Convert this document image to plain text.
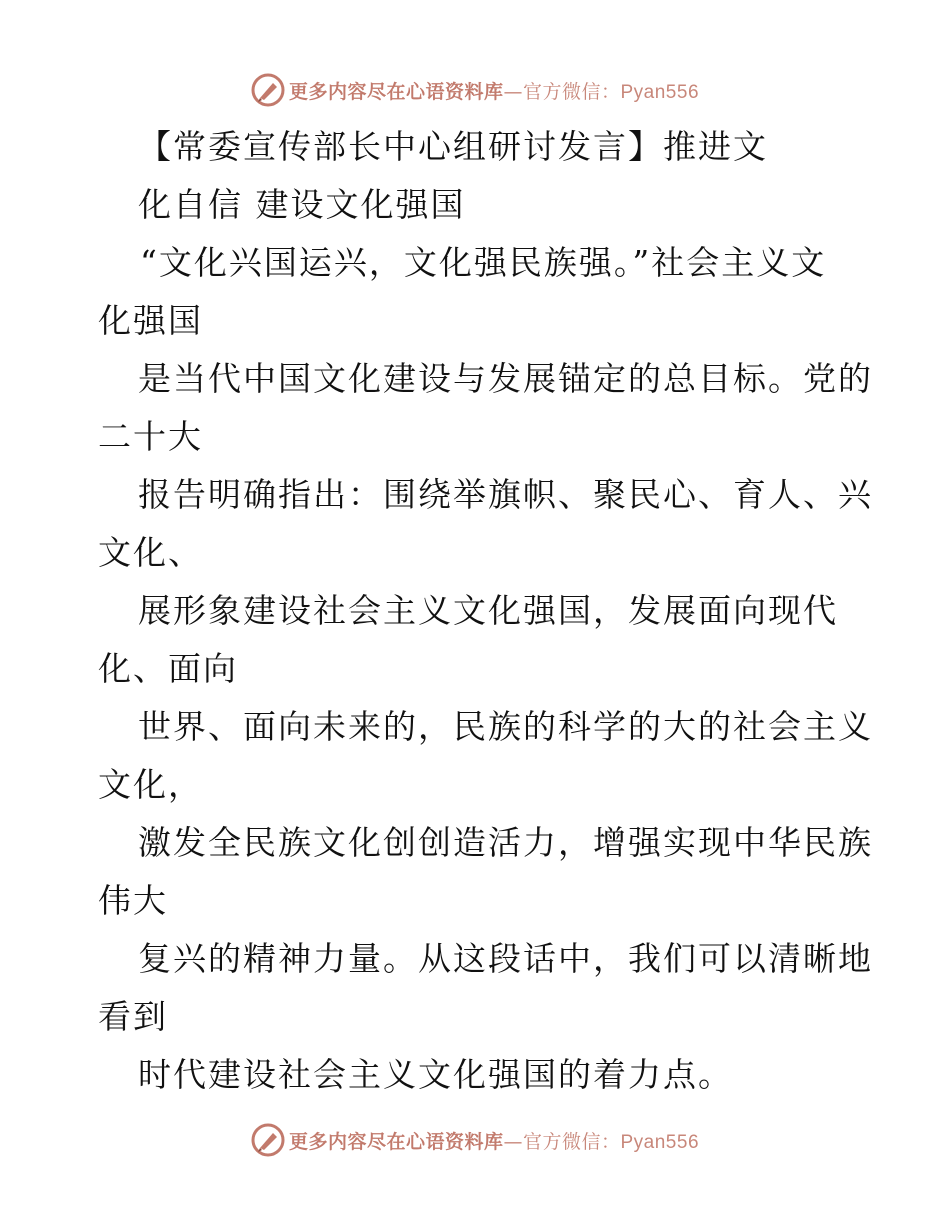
更多内容尽在心语资料库—官方微信：Pyan556
【常委宣传部长中心组研讨发言】推进文
化自信 建设文化强国
“文化兴国运兴，文化强民族强。”社会主义文
化强国
是当代中国文化建设与发展锚定的总目标。党的
二十大
报告明确指出：围绕举旗帜、聚民心、育人、兴
文化、
展形象建设社会主义文化强国，发展面向现代
化、面向
世界、面向未来的，民族的科学的大的社会主义
文化，
激发全民族文化创创造活力，增强实现中华民族
伟大
复兴的精神力量。从这段话中，我们可以清晰地
看到
时代建设社会主义文化强国的着力点。
更多内容尽在心语资料库—官方微信：Pyan556
